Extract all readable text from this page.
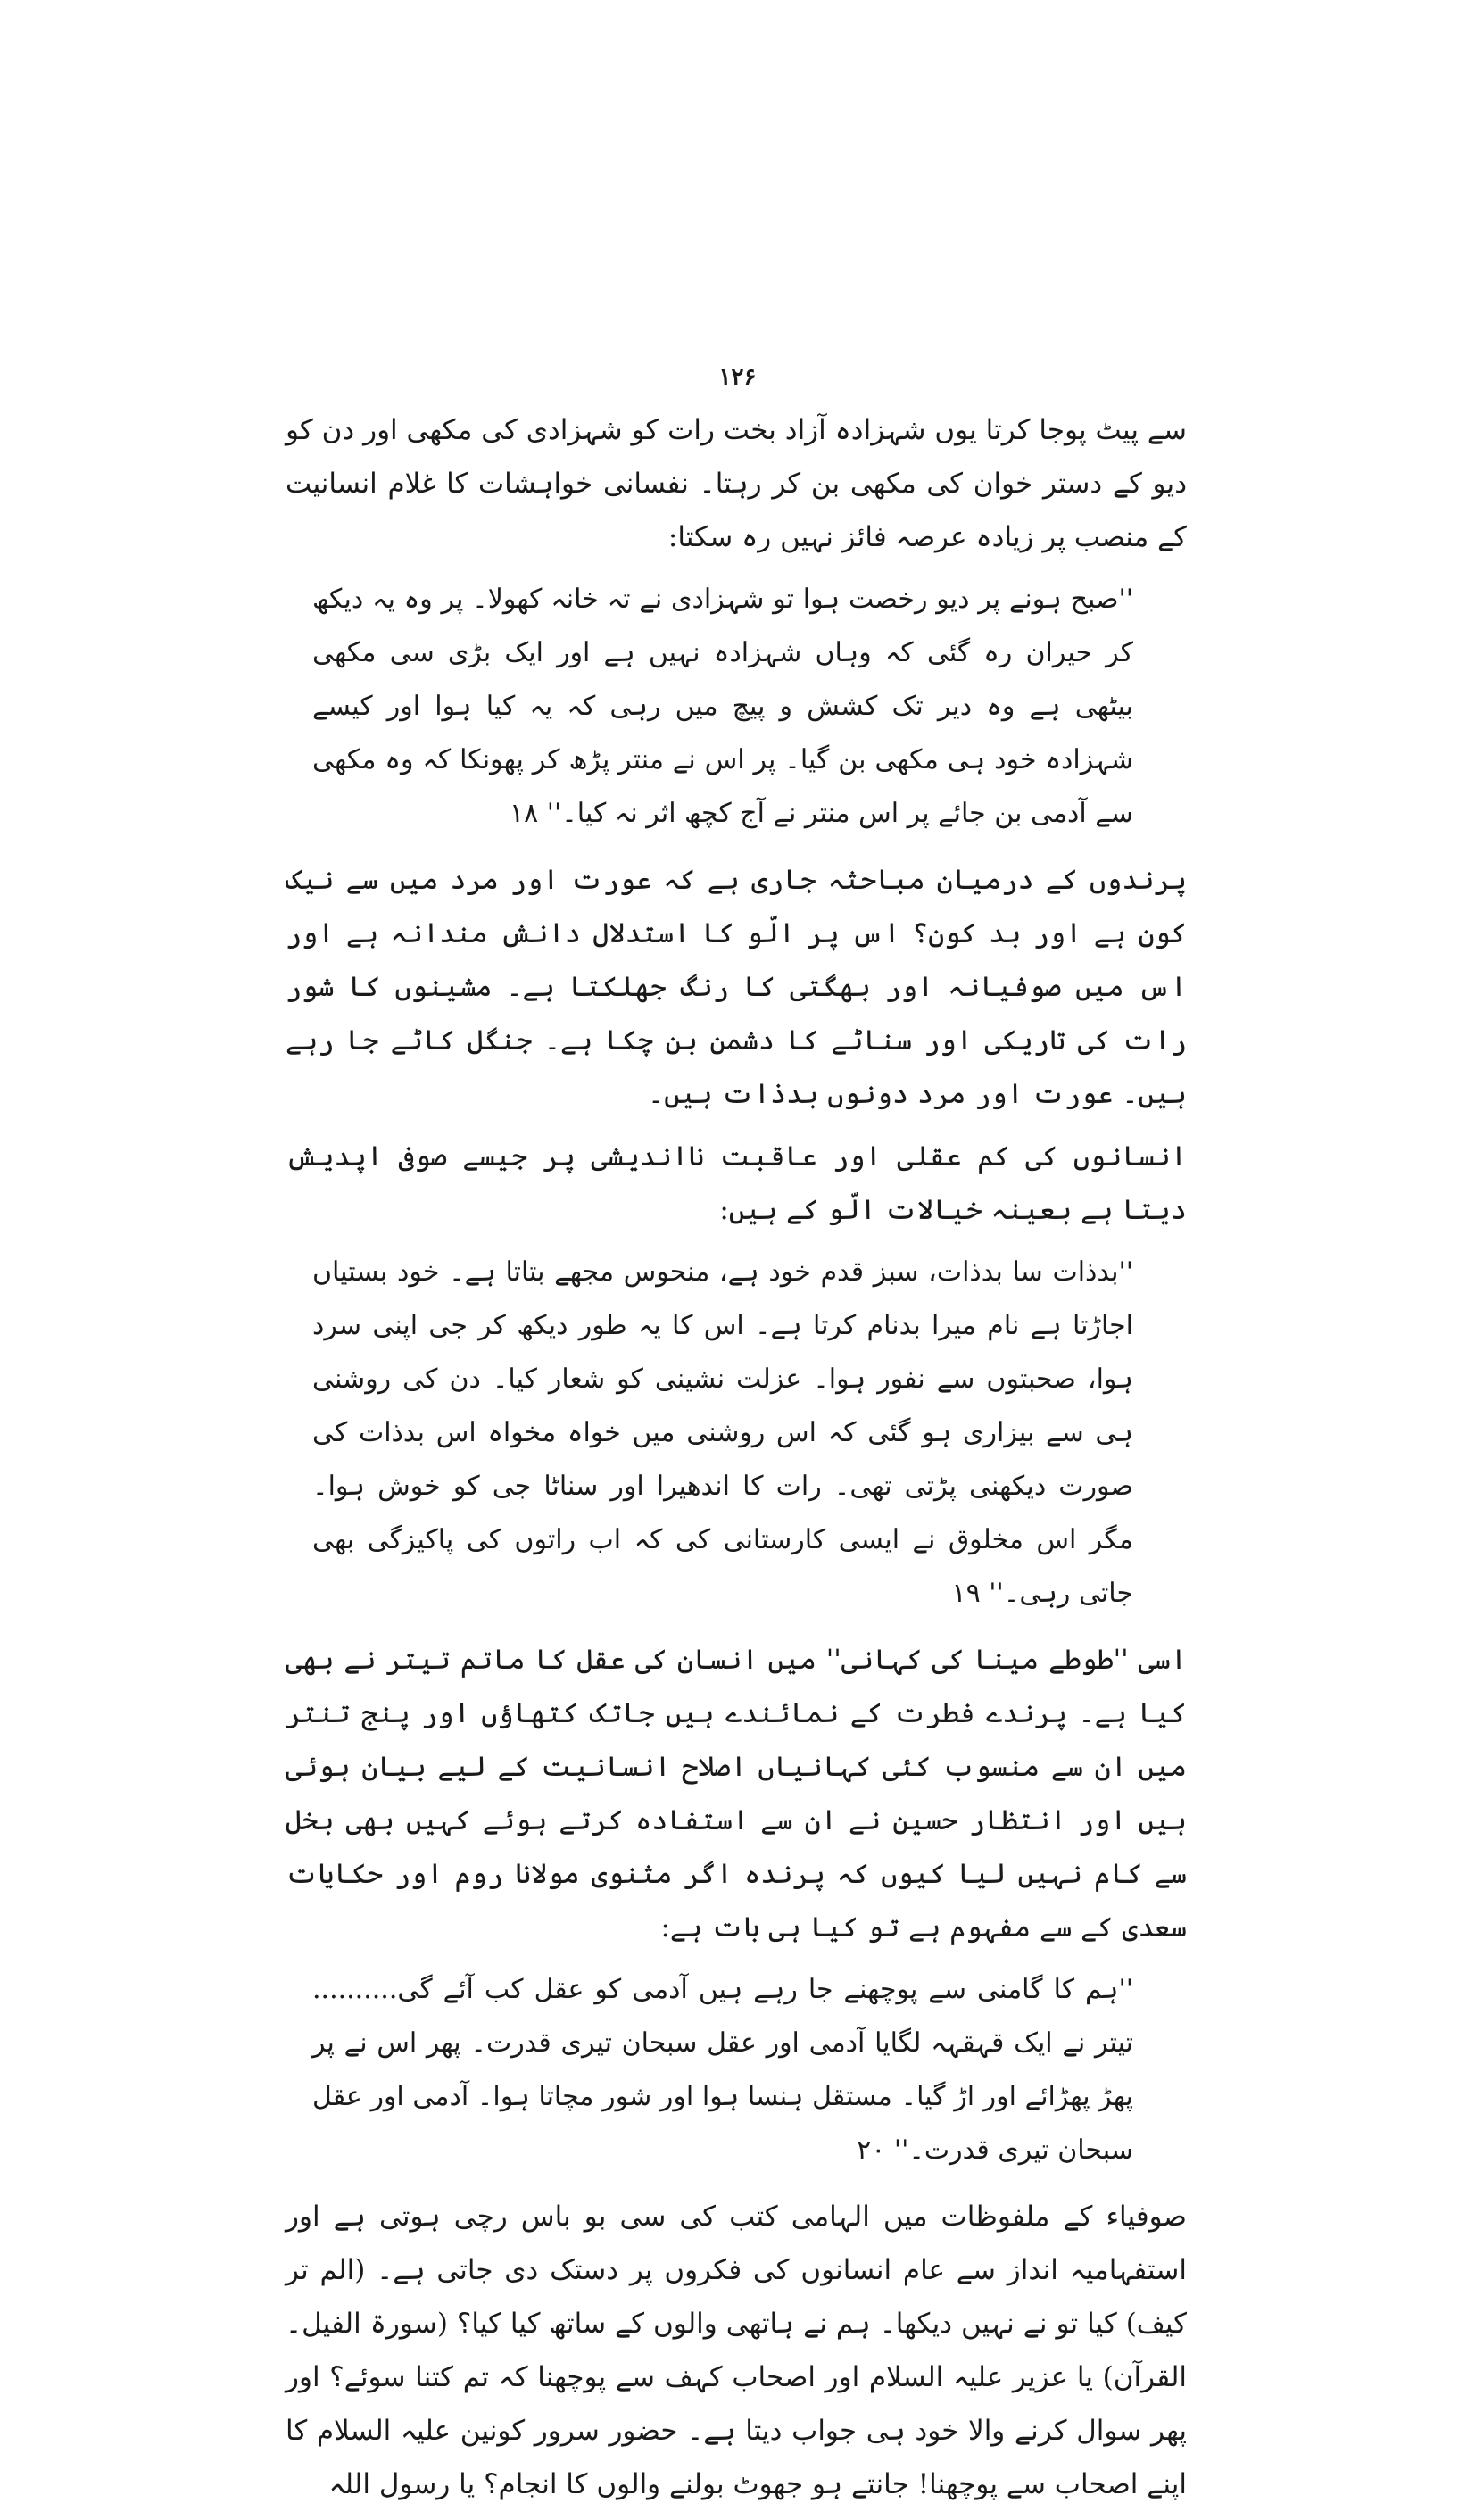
۱۲۶

سے پیٹ پوجا کرتا یوں شہزادہ آزاد بخت رات کو شہزادی کی مکھی اور دن کو دیو کے دستر خوان کی مکھی بن کر رہتا۔ نفسانی خواہشات کا غلام انسانیت کے منصب پر زیادہ عرصہ فائز نہیں رہ سکتا:

''صبح ہونے پر دیو رخصت ہوا تو شہزادی نے تہ خانہ کھولا۔ پر وہ یہ دیکھ کر حیران رہ گئی کہ وہاں شہزادہ نہیں ہے اور ایک بڑی سی مکھی بیٹھی ہے وہ دیر تک کشش و پیچ میں رہی کہ یہ کیا ہوا اور کیسے شہزادہ خود ہی مکھی بن گیا۔ پر اس نے منتر پڑھ کر پھونکا کہ وہ مکھی سے آدمی بن جائے پر اس منتر نے آج کچھ اثر نہ کیا۔'' ۱۸

پرندوں کے درمیان مباحثہ جاری ہے کہ عورت اور مرد میں سے نیک کون ہے اور بد کون؟ اس پر الّو کا استدلال دانش مندانہ ہے اور اس میں صوفیانہ اور بھگتی کا رنگ جھلکتا ہے۔ مشینوں کا شور رات کی تاریکی اور سناٹے کا دشمن بن چکا ہے۔ جنگل کاٹے جا رہے ہیں۔ عورت اور مرد دونوں بدذات ہیں۔

انسانوں کی کم عقلی اور عاقبت نااندیشی پر جیسے صوفی اپدیش دیتا ہے بعینہ خیالات الّو کے ہیں:

''بدذات سا بدذات، سبز قدم خود ہے، منحوس مجھے بتاتا ہے۔ خود بستیاں اجاڑتا ہے نام میرا بدنام کرتا ہے۔ اس کا یہ طور دیکھ کر جی اپنی سرد ہوا، صحبتوں سے نفور ہوا۔ عزلت نشینی کو شعار کیا۔ دن کی روشنی ہی سے بیزاری ہو گئی کہ اس روشنی میں خواہ مخواہ اس بدذات کی صورت دیکھنی پڑتی تھی۔ رات کا اندھیرا اور سناٹا جی کو خوش ہوا۔ مگر اس مخلوق نے ایسی کارستانی کی کہ اب راتوں کی پاکیزگی بھی جاتی رہی۔'' ۱۹

اسی ''طوطے مینا کی کہانی'' میں انسان کی عقل کا ماتم تیتر نے بھی کیا ہے۔ پرندے فطرت کے نمائندے ہیں جاتک کتھاؤں اور پنج تنتر میں ان سے منسوب کئی کہانیاں اصلاح انسانیت کے لیے بیان ہوئی ہیں اور انتظار حسین نے ان سے استفادہ کرتے ہوئے کہیں بھی بخل سے کام نہیں لیا کیوں کہ پرندہ اگر مثنوی مولانا روم اور حکایات سعدی کے سے مفہوم ہے تو کیا ہی بات ہے:

''ہم کا گامنی سے پوچھنے جا رہے ہیں آدمی کو عقل کب آئے گی.......... تیتر نے ایک قہقہہ لگایا آدمی اور عقل سبحان تیری قدرت۔ پھر اس نے پر پھڑ پھڑائے اور اڑ گیا۔ مستقل ہنسا ہوا اور شور مچاتا ہوا۔ آدمی اور عقل سبحان تیری قدرت۔'' ۲۰

صوفیاء کے ملفوظات میں الہامی کتب کی سی بو باس رچی ہوتی ہے اور استفہامیہ انداز سے عام انسانوں کی فکروں پر دستک دی جاتی ہے۔ (الم تر کیف) کیا تو نے نہیں دیکھا۔ ہم نے ہاتھی والوں کے ساتھ کیا کیا؟ (سورۃ الفیل۔ القرآن) یا عزیر علیہ السلام اور اصحاب کہف سے پوچھنا کہ تم کتنا سوئے؟ اور پھر سوال کرنے والا خود ہی جواب دیتا ہے۔ حضور سرور کونین علیہ السلام کا اپنے اصحاب سے پوچھنا! جانتے ہو جھوٹ بولنے والوں کا انجام؟ یا رسول اللہ
